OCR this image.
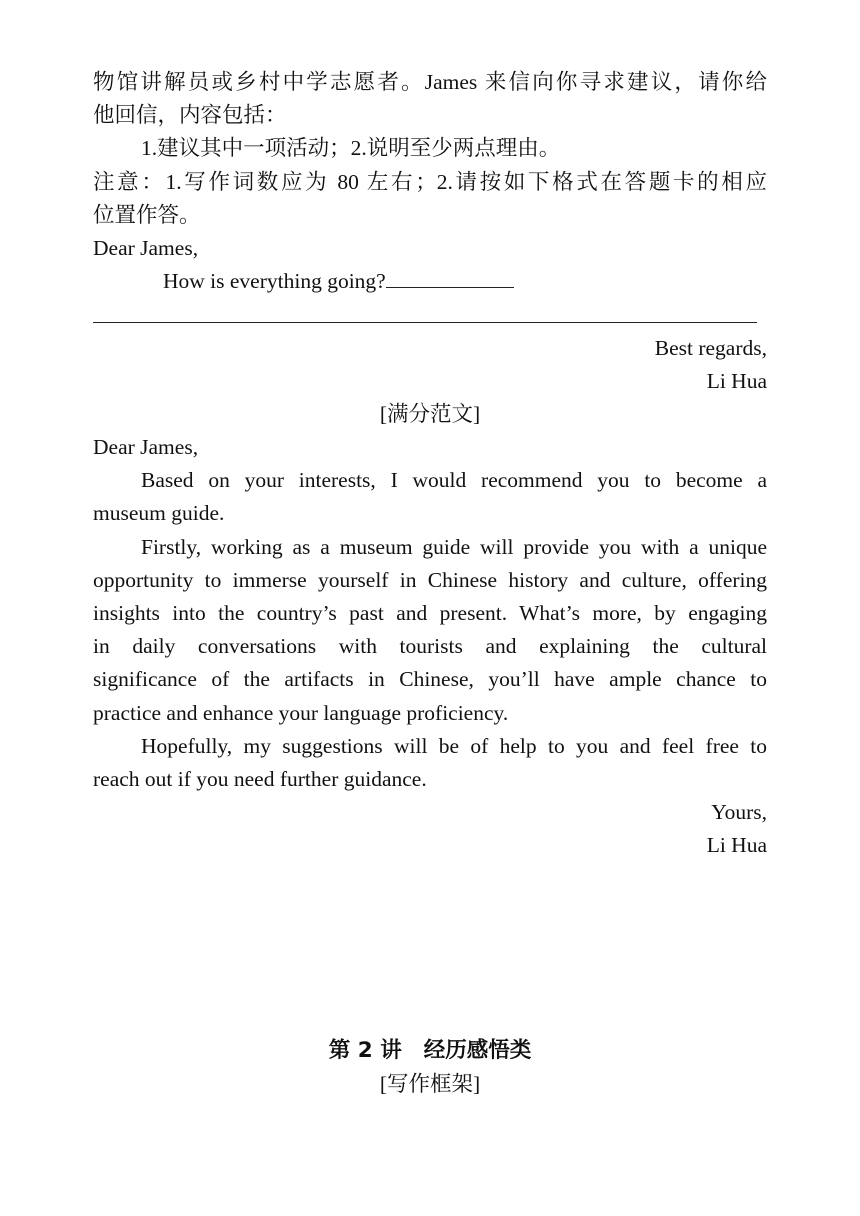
物馆讲解员或乡村中学志愿者。James 来信向你寻求建议，请你给
他回信，内容包括：
1.建议其中一项活动；2.说明至少两点理由。
注意：1.写作词数应为 80 左右；2.请按如下格式在答题卡的相应
位置作答。
Dear James,
How is everything going?
Best regards,
Li Hua
[满分范文]
Dear James,
Based on your interests, I would recommend you to become a
museum guide.
Firstly, working as a museum guide will provide you with a unique
opportunity to immerse yourself in Chinese history and culture, offering
insights into the country’s past and present. What’s more, by engaging
in daily conversations with tourists and explaining the cultural
significance of the artifacts in Chinese, you’ll have ample chance to
practice and enhance your language proficiency.
Hopefully, my suggestions will be of help to you and feel free to
reach out if you need further guidance.
Yours,
Li Hua
第 2 讲 经历感悟类
[写作框架]
